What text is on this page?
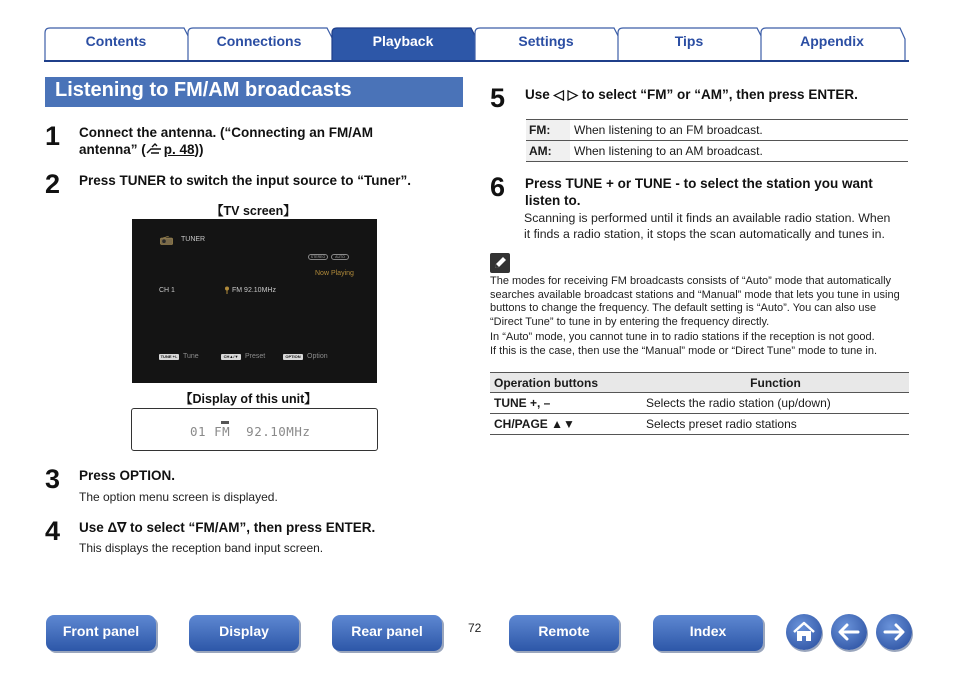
Contents	Connections	Playback	Settings	Tips	Appendix
Listening to FM/AM broadcasts
1 Connect the antenna. (“Connecting an FM/AM
antenna” ( p. 48))
2 Press TUNER to switch the input source to “Tuner”.
【TV screen】
TUNER
STEREO	AUTO
Now Playing
CH 1	FM 92.10MHz
TUNE +/- Tune	CH▲/▼ Preset	OPTION Option
【Display of this unit】
01 FM  92.10MHz
3 Press OPTION.
The option menu screen is displayed.
4 Use Δ∇ to select “FM/AM”, then press ENTER.
This displays the reception band input screen.
5 Use ◁ ▷ to select “FM” or “AM”, then press ENTER.
FM:	When listening to an FM broadcast.
AM:	When listening to an AM broadcast.
6 Press TUNE + or TUNE - to select the station you want
listen to.
Scanning is performed until it finds an available radio station. When
it finds a radio station, it stops the scan automatically and tunes in.
The modes for receiving FM broadcasts consists of “Auto” mode that automatically
searches available broadcast stations and “Manual” mode that lets you tune in using
buttons to change the frequency. The default setting is “Auto”. You can also use
“Direct Tune” to tune in by entering the frequency directly.
In “Auto” mode, you cannot tune in to radio stations if the reception is not good.
If this is the case, then use the “Manual” mode or “Direct Tune” mode to tune in.
Operation buttons	Function
TUNE +, –	Selects the radio station (up/down)
CH/PAGE ▲▼	Selects preset radio stations
Front panel	Display	Rear panel	72	Remote	Index
